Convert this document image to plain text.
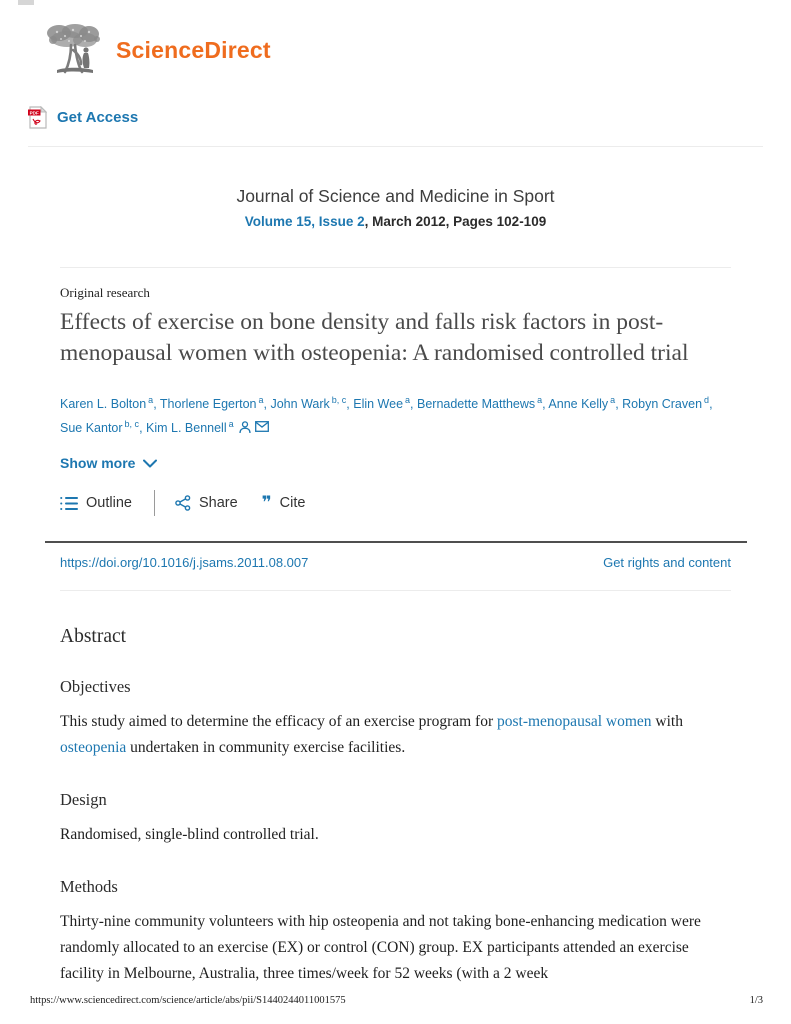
ScienceDirect
PDF Get Access
Journal of Science and Medicine in Sport
Volume 15, Issue 2, March 2012, Pages 102-109
Original research
Effects of exercise on bone density and falls risk factors in post-menopausal women with osteopenia: A randomised controlled trial
Karen L. Bolton $^a$, Thorlene Egerton $^a$, John Wark $^{b, c}$, Elin Wee $^a$, Bernadette Matthews $^a$, Anne Kelly $^a$, Robyn Craven $^d$, Sue Kantor $^{b, c}$, Kim L. Bennell $^a$
Show more
Outline	Share ❞ Cite
https://doi.org/10.1016/j.jsams.2011.08.007	Get rights and content
Abstract
Objectives

This study aimed to determine the efficacy of an exercise program for post-menopausal women with osteopenia undertaken in community exercise facilities.

Design

Randomised, single-blind controlled trial.

Methods

Thirty-nine community volunteers with hip osteopenia and not taking bone-enhancing medication were randomly allocated to an exercise (EX) or control (CON) group. EX participants attended an exercise facility in Melbourne, Australia, three times/week for 52 weeks (with a 2 week

https://www.sciencedirect.com/science/article/abs/pii/S1440244011001575	1/3
